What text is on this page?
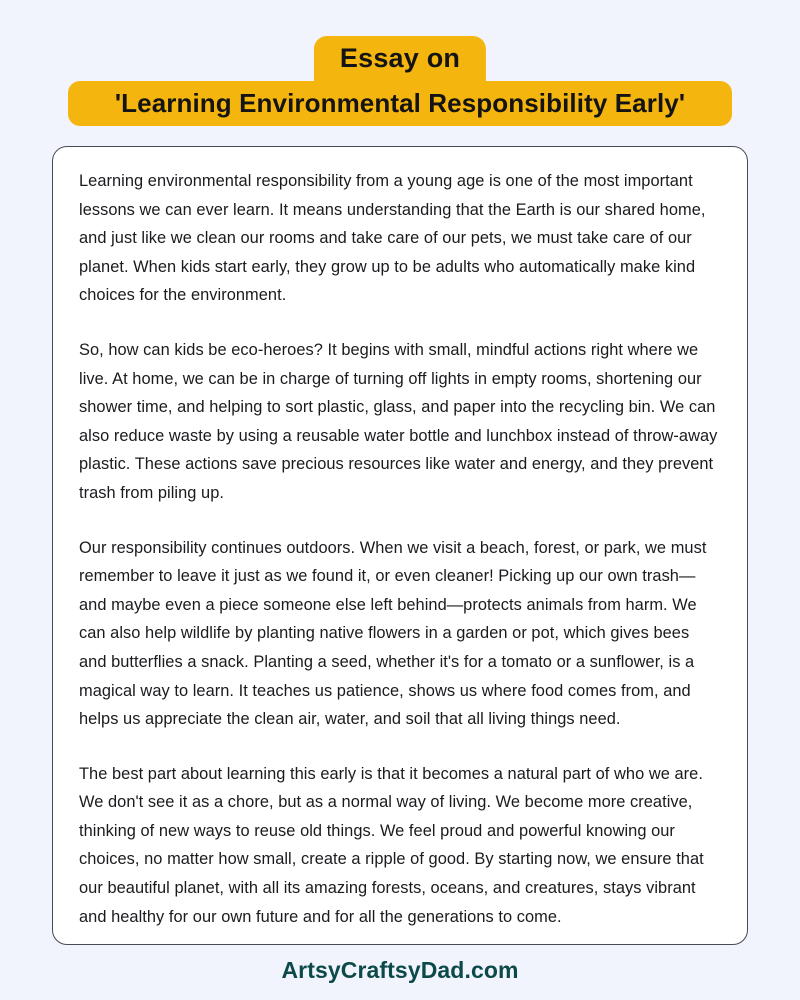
Essay on
'Learning Environmental Responsibility Early'

Learning environmental responsibility from a young age is one of the most important lessons we can ever learn. It means understanding that the Earth is our shared home, and just like we clean our rooms and take care of our pets, we must take care of our planet. When kids start early, they grow up to be adults who automatically make kind choices for the environment.

So, how can kids be eco-heroes? It begins with small, mindful actions right where we live. At home, we can be in charge of turning off lights in empty rooms, shortening our shower time, and helping to sort plastic, glass, and paper into the recycling bin. We can also reduce waste by using a reusable water bottle and lunchbox instead of throw-away plastic. These actions save precious resources like water and energy, and they prevent trash from piling up.

Our responsibility continues outdoors. When we visit a beach, forest, or park, we must remember to leave it just as we found it, or even cleaner! Picking up our own trash—and maybe even a piece someone else left behind—protects animals from harm. We can also help wildlife by planting native flowers in a garden or pot, which gives bees and butterflies a snack. Planting a seed, whether it's for a tomato or a sunflower, is a magical way to learn. It teaches us patience, shows us where food comes from, and helps us appreciate the clean air, water, and soil that all living things need.

The best part about learning this early is that it becomes a natural part of who we are. We don't see it as a chore, but as a normal way of living. We become more creative, thinking of new ways to reuse old things. We feel proud and powerful knowing our choices, no matter how small, create a ripple of good. By starting now, we ensure that our beautiful planet, with all its amazing forests, oceans, and creatures, stays vibrant and healthy for our own future and for all the generations to come.

ArtsyCraftsyDad.com
